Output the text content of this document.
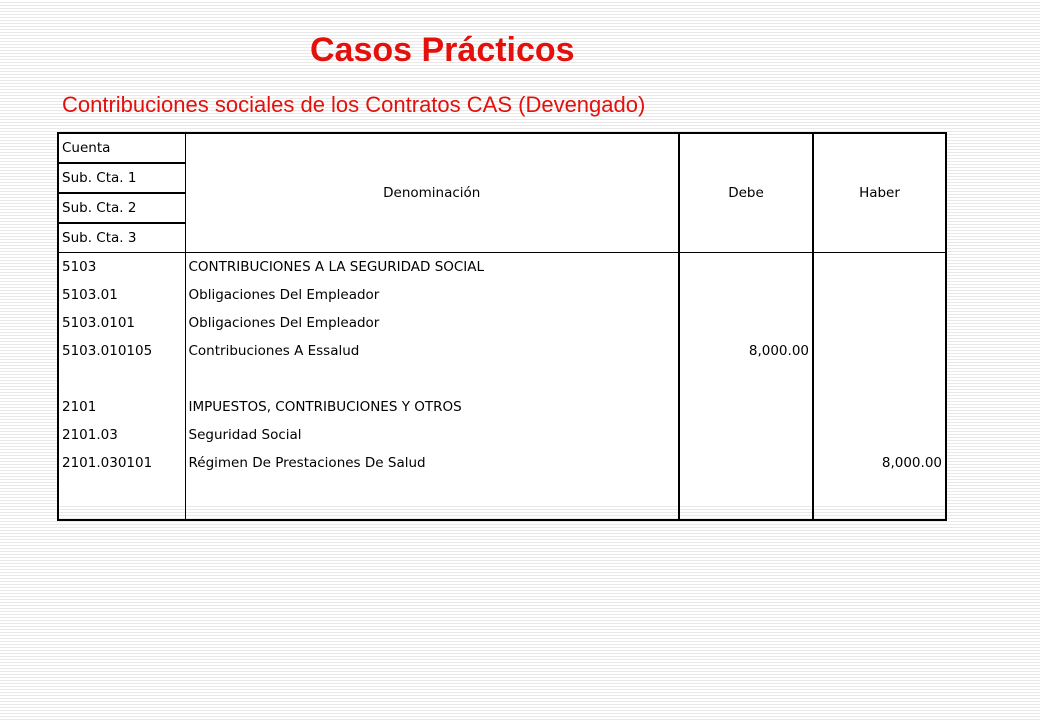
Casos Prácticos
Contribuciones sociales de los Contratos CAS (Devengado)
Cuenta	Denominación	Debe	Haber
Sub. Cta. 1			
Sub. Cta. 2			
Sub. Cta. 3			
5103	CONTRIBUCIONES A LA SEGURIDAD SOCIAL		
5103.01	Obligaciones Del Empleador		
5103.0101	Obligaciones Del Empleador		
5103.010105	Contribuciones A Essalud	8,000.00	

2101	IMPUESTOS, CONTRIBUCIONES Y OTROS		
2101.03	Seguridad Social		
2101.030101	Régimen De Prestaciones De Salud		8,000.00
